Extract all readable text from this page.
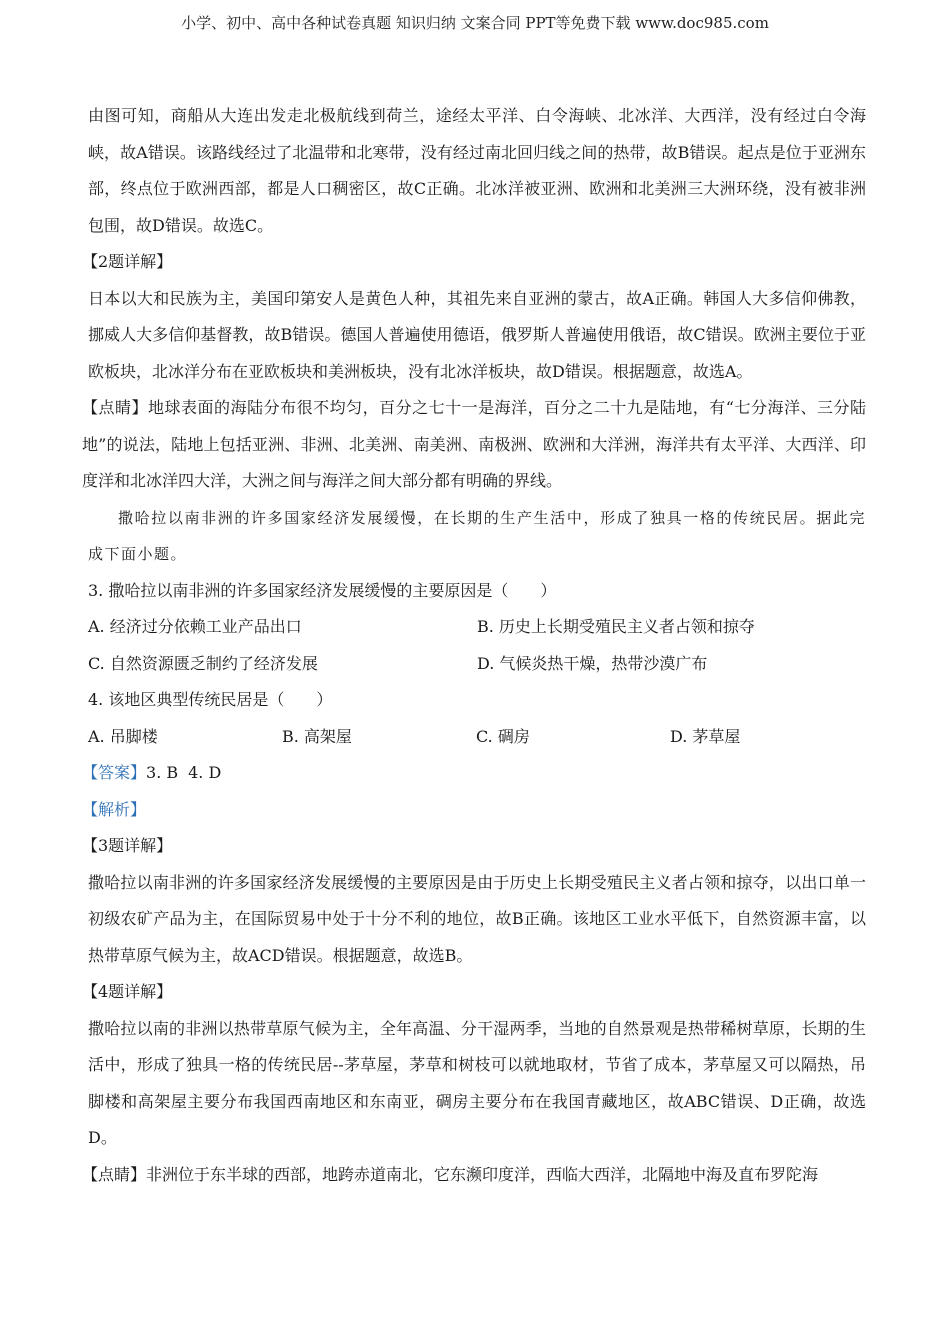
小学、初中、高中各种试卷真题 知识归纳 文案合同 PPT等免费下载 www.doc985.com

由图可知，商船从大连出发走北极航线到荷兰，途经太平洋、白令海峡、北冰洋、大西洋，没有经过白令海峡，故A错误。该路线经过了北温带和北寒带，没有经过南北回归线之间的热带，故B错误。起点是位于亚洲东部，终点位于欧洲西部，都是人口稠密区，故C正确。北冰洋被亚洲、欧洲和北美洲三大洲环绕，没有被非洲包围，故D错误。故选C。

【2题详解】

日本以大和民族为主，美国印第安人是黄色人种，其祖先来自亚洲的蒙古，故A正确。韩国人大多信仰佛教，挪威人大多信仰基督教，故B错误。德国人普遍使用德语，俄罗斯人普遍使用俄语，故C错误。欧洲主要位于亚欧板块，北冰洋分布在亚欧板块和美洲板块，没有北冰洋板块，故D错误。根据题意，故选A。

【点睛】地球表面的海陆分布很不均匀，百分之七十一是海洋，百分之二十九是陆地，有“七分海洋、三分陆地”的说法，陆地上包括亚洲、非洲、北美洲、南美洲、南极洲、欧洲和大洋洲，海洋共有太平洋、大西洋、印度洋和北冰洋四大洋，大洲之间与海洋之间大部分都有明确的界线。

撒哈拉以南非洲的许多国家经济发展缓慢，在长期的生产生活中，形成了独具一格的传统民居。据此完成下面小题。

3. 撒哈拉以南非洲的许多国家经济发展缓慢的主要原因是（　　）

A. 经济过分依赖工业产品出口	B. 历史上长期受殖民主义者占领和掠夺
C. 自然资源匮乏制约了经济发展	D. 气候炎热干燥，热带沙漠广布

4. 该地区典型传统民居是（　　）

A. 吊脚楼	B. 高架屋	C. 碉房	D. 茅草屋

【答案】3. B 4. D

【解析】

【3题详解】

撒哈拉以南非洲的许多国家经济发展缓慢的主要原因是由于历史上长期受殖民主义者占领和掠夺，以出口单一初级农矿产品为主，在国际贸易中处于十分不利的地位，故B正确。该地区工业水平低下，自然资源丰富，以热带草原气候为主，故ACD错误。根据题意，故选B。

【4题详解】

撒哈拉以南的非洲以热带草原气候为主，全年高温、分干湿两季，当地的自然景观是热带稀树草原，长期的生活中，形成了独具一格的传统民居--茅草屋，茅草和树枝可以就地取材，节省了成本，茅草屋又可以隔热，吊脚楼和高架屋主要分布我国西南地区和东南亚，碉房主要分布在我国青藏地区，故ABC错误、D正确，故选D。

【点睛】非洲位于东半球的西部，地跨赤道南北，它东濒印度洋，西临大西洋，北隔地中海及直布罗陀海
